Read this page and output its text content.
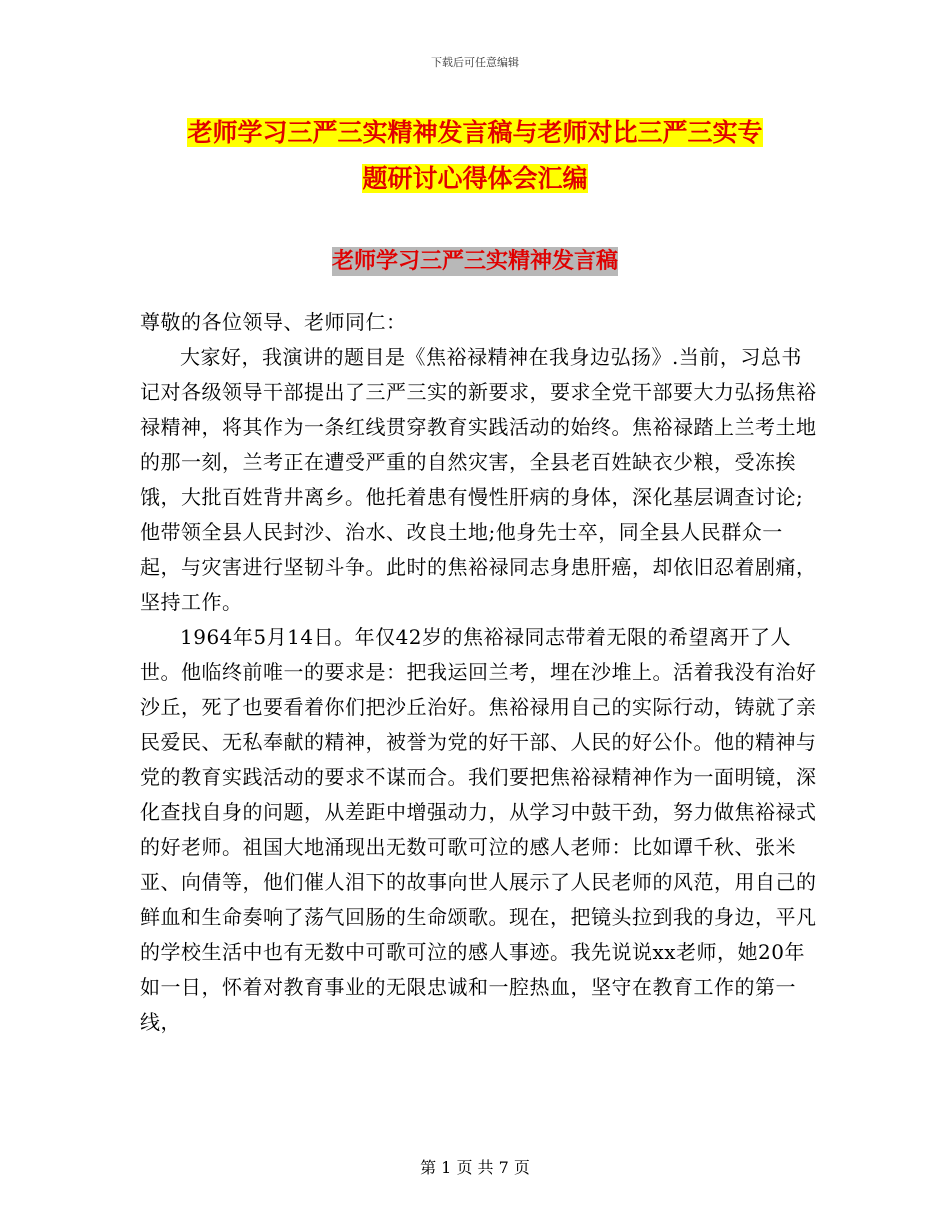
下载后可任意编辑
老师学习三严三实精神发言稿与老师对比三严三实专
题研讨心得体会汇编
老师学习三严三实精神发言稿

尊敬的各位领导、老师同仁：

大家好，我演讲的题目是《焦裕禄精神在我身边弘扬》.当前，习总书记对各级领导干部提出了三严三实的新要求，要求全党干部要大力弘扬焦裕禄精神，将其作为一条红线贯穿教育实践活动的始终。焦裕禄踏上兰考土地的那一刻，兰考正在遭受严重的自然灾害，全县老百姓缺衣少粮，受冻挨饿，大批百姓背井离乡。他托着患有慢性肝病的身体，深化基层调查讨论;他带领全县人民封沙、治水、改良土地;他身先士卒，同全县人民群众一起，与灾害进行坚韧斗争。此时的焦裕禄同志身患肝癌，却依旧忍着剧痛，坚持工作。

1964年5月14日。年仅42岁的焦裕禄同志带着无限的希望离开了人世。他临终前唯一的要求是：把我运回兰考，埋在沙堆上。活着我没有治好沙丘，死了也要看着你们把沙丘治好。焦裕禄用自己的实际行动，铸就了亲民爱民、无私奉献的精神，被誉为党的好干部、人民的好公仆。他的精神与党的教育实践活动的要求不谋而合。我们要把焦裕禄精神作为一面明镜，深化查找自身的问题，从差距中增强动力，从学习中鼓干劲，努力做焦裕禄式的好老师。祖国大地涌现出无数可歌可泣的感人老师：比如谭千秋、张米亚、向倩等，他们催人泪下的故事向世人展示了人民老师的风范，用自己的鲜血和生命奏响了荡气回肠的生命颂歌。现在，把镜头拉到我的身边，平凡的学校生活中也有无数中可歌可泣的感人事迹。我先说说xx老师，她20年如一日，怀着对教育事业的无限忠诚和一腔热血，坚守在教育工作的第一线，

第 1 页 共 7 页
